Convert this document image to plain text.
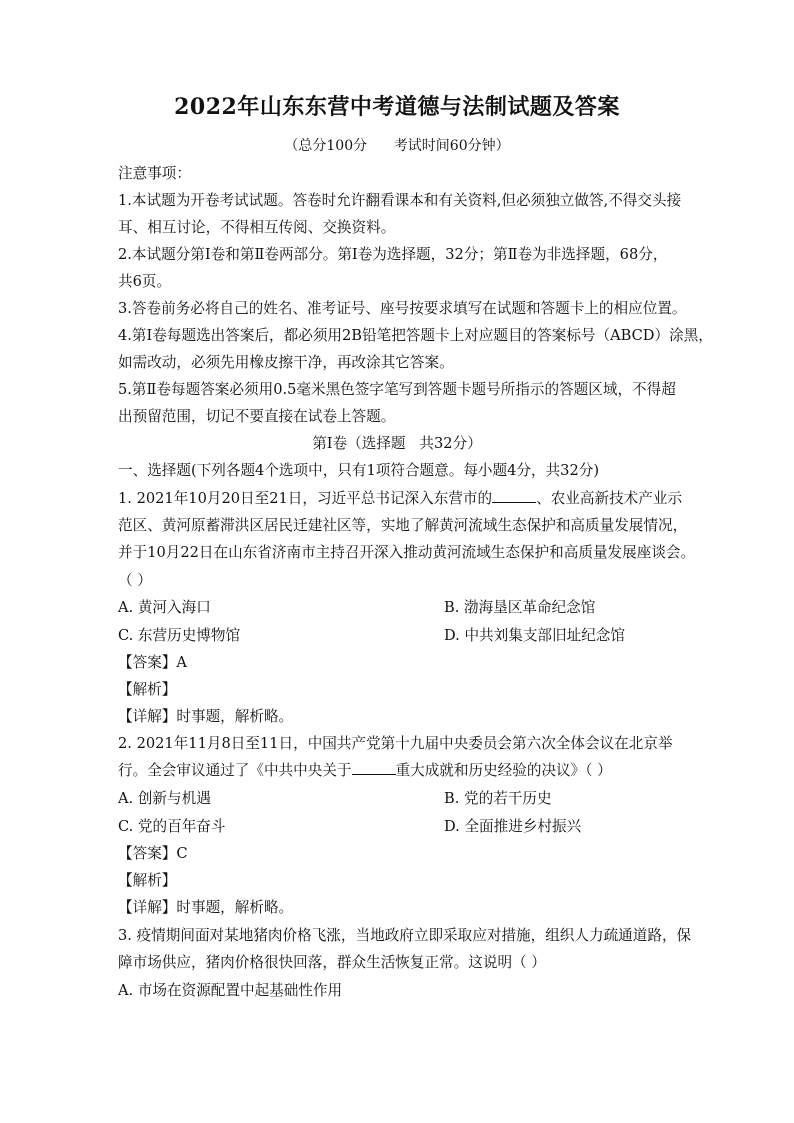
2022年山东东营中考道德与法制试题及答案
（总分100分      考试时间60分钟）
注意事项：
1.本试题为开卷考试试题。答卷时允许翻看课本和有关资料,但必须独立做答,不得交头接
耳、相互讨论，不得相互传阅、交换资料。
2.本试题分第Ⅰ卷和第Ⅱ卷两部分。第Ⅰ卷为选择题，32分；第Ⅱ卷为非选择题，68分，
共6页。
3.答卷前务必将自己的姓名、准考证号、座号按要求填写在试题和答题卡上的相应位置。
4.第Ⅰ卷每题选出答案后，都必须用2B铅笔把答题卡上对应题目的答案标号（ABCD）涂黑，
如需改动，必须先用橡皮擦干净，再改涂其它答案。
5.第Ⅱ卷每题答案必须用0.5毫米黑色签字笔写到答题卡题号所指示的答题区域，不得超
出预留范围，切记不要直接在试卷上答题。
第Ⅰ卷（选择题   共32分）
一、选择题(下列各题4个选项中，只有1项符合题意。每小题4分，共32分)
1. 2021年10月20日至21日，习近平总书记深入东营市的	、农业高新技术产业示
范区、黄河原蓄滞洪区居民迁建社区等，实地了解黄河流域生态保护和高质量发展情况，
并于10月22日在山东省济南市主持召开深入推动黄河流域生态保护和高质量发展座谈会。
（ ）
A. 黄河入海口	B. 渤海垦区革命纪念馆
C. 东营历史博物馆	D. 中共刘集支部旧址纪念馆
【答案】A
【解析】
【详解】时事题，解析略。
2. 2021年11月8日至11日，中国共产党第十九届中央委员会第六次全体会议在北京举
行。全会审议通过了《中共中央关于	重大成就和历史经验的决议》（ ）
A. 创新与机遇	B. 党的若干历史
C. 党的百年奋斗	D. 全面推进乡村振兴
【答案】C
【解析】
【详解】时事题，解析略。
3. 疫情期间面对某地猪肉价格飞涨，当地政府立即采取应对措施，组织人力疏通道路，保
障市场供应，猪肉价格很快回落，群众生活恢复正常。这说明（ ）
A. 市场在资源配置中起基础性作用
